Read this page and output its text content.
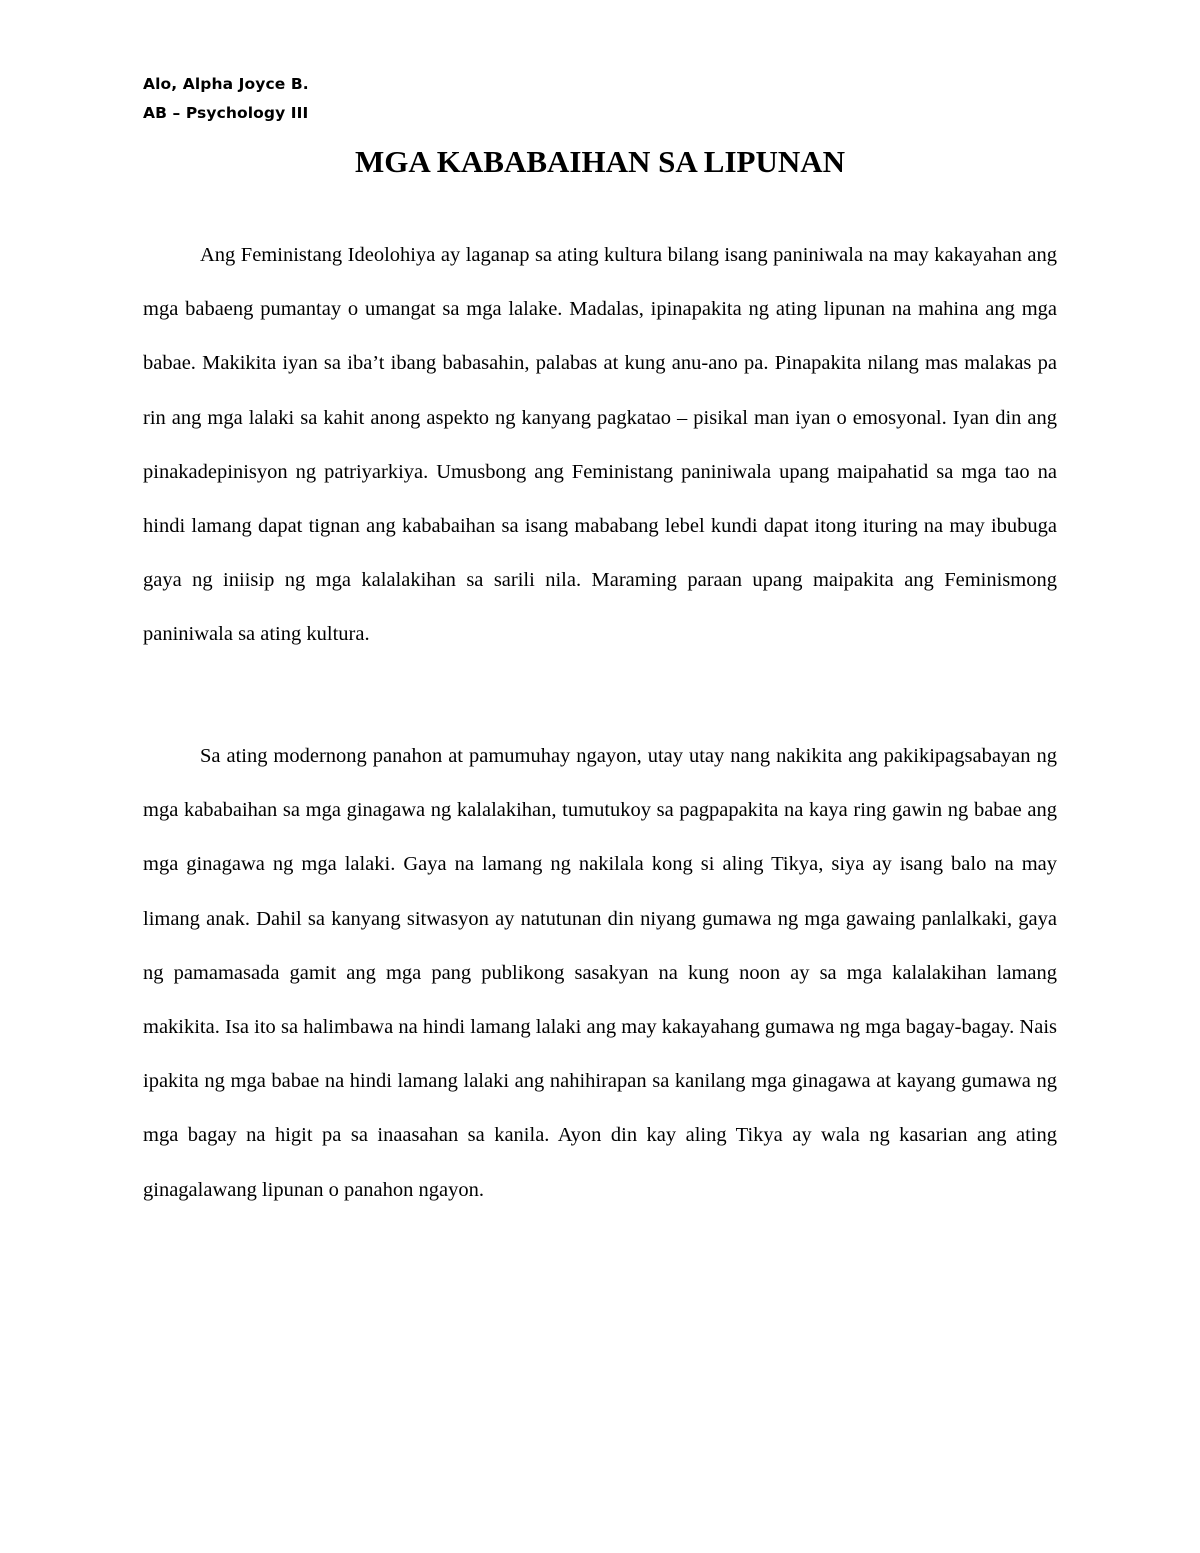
Alo, Alpha Joyce B.
AB – Psychology III
MGA KABABAIHAN SA LIPUNAN

Ang Feministang Ideolohiya ay laganap sa ating kultura bilang isang paniniwala na may kakayahan ang mga babaeng pumantay o umangat sa mga lalake. Madalas, ipinapakita ng ating lipunan na mahina ang mga babae. Makikita iyan sa iba’t ibang babasahin, palabas at kung anu-ano pa. Pinapakita nilang mas malakas pa rin ang mga lalaki sa kahit anong aspekto ng kanyang pagkatao – pisikal man iyan o emosyonal. Iyan din ang pinakadepinisyon ng patriyarkiya. Umusbong ang Feministang paniniwala upang maipahatid sa mga tao na hindi lamang dapat tignan ang kababaihan sa isang mababang lebel kundi dapat itong ituring na may ibubuga gaya ng iniisip ng mga kalalakihan sa sarili nila. Maraming paraan upang maipakita ang Feminismong paniniwala sa ating kultura.

Sa ating modernong panahon at pamumuhay ngayon, utay utay nang nakikita ang pakikipagsabayan ng mga kababaihan sa mga ginagawa ng kalalakihan, tumutukoy sa pagpapakita na kaya ring gawin ng babae ang mga ginagawa ng mga lalaki. Gaya na lamang ng nakilala kong si aling Tikya, siya ay isang balo na may limang anak. Dahil sa kanyang sitwasyon ay natutunan din niyang gumawa ng mga gawaing panlalkaki, gaya ng pamamasada gamit ang mga pang publikong sasakyan na kung noon ay sa mga kalalakihan lamang makikita. Isa ito sa halimbawa na hindi lamang lalaki ang may kakayahang gumawa ng mga bagay-bagay. Nais ipakita ng mga babae na hindi lamang lalaki ang nahihirapan sa kanilang mga ginagawa at kayang gumawa ng mga bagay na higit pa sa inaasahan sa kanila. Ayon din kay aling Tikya ay wala ng kasarian ang ating ginagalawang lipunan o panahon ngayon.
